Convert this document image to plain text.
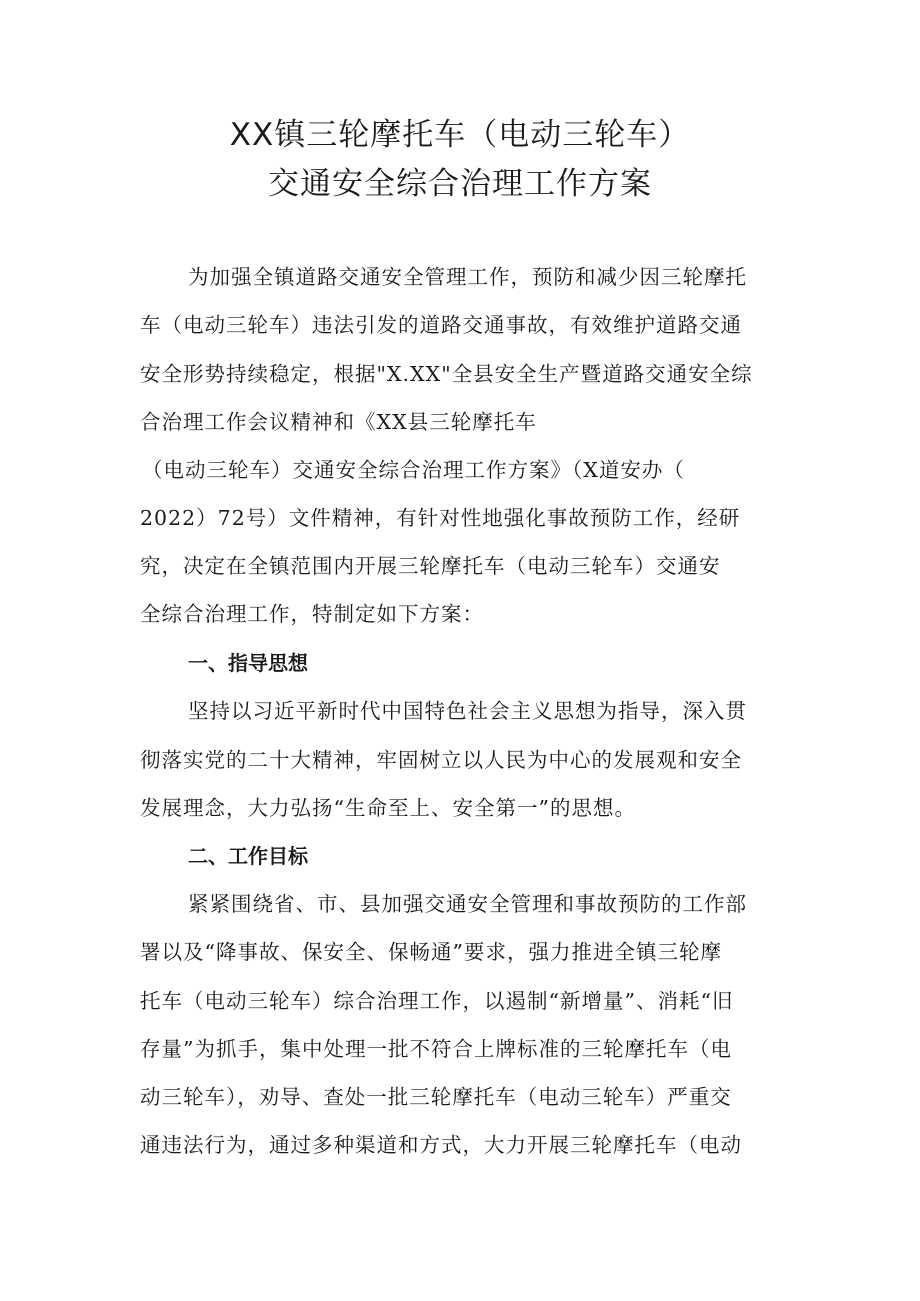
XX镇三轮摩托车（电动三轮车）
交通安全综合治理工作方案
为加强全镇道路交通安全管理工作，预防和减少因三轮摩托
车（电动三轮车）违法引发的道路交通事故，有效维护道路交通
安全形势持续稳定，根据"X.XX"全县安全生产暨道路交通安全综
合治理工作会议精神和《XX县三轮摩托车
（电动三轮车）交通安全综合治理工作方案》（X道安办（
2022）72号）文件精神，有针对性地强化事故预防工作，经研
究，决定在全镇范围内开展三轮摩托车（电动三轮车）交通安
全综合治理工作，特制定如下方案：
一、指导思想
坚持以习近平新时代中国特色社会主义思想为指导，深入贯
彻落实党的二十大精神，牢固树立以人民为中心的发展观和安全
发展理念，大力弘扬“生命至上、安全第一”的思想。
二、工作目标
紧紧围绕省、市、县加强交通安全管理和事故预防的工作部
署以及“降事故、保安全、保畅通”要求，强力推进全镇三轮摩
托车（电动三轮车）综合治理工作，以遏制“新增量”、消耗“旧
存量”为抓手，集中处理一批不符合上牌标准的三轮摩托车（电
动三轮车），劝导、查处一批三轮摩托车（电动三轮车）严重交
通违法行为，通过多种渠道和方式，大力开展三轮摩托车（电动
